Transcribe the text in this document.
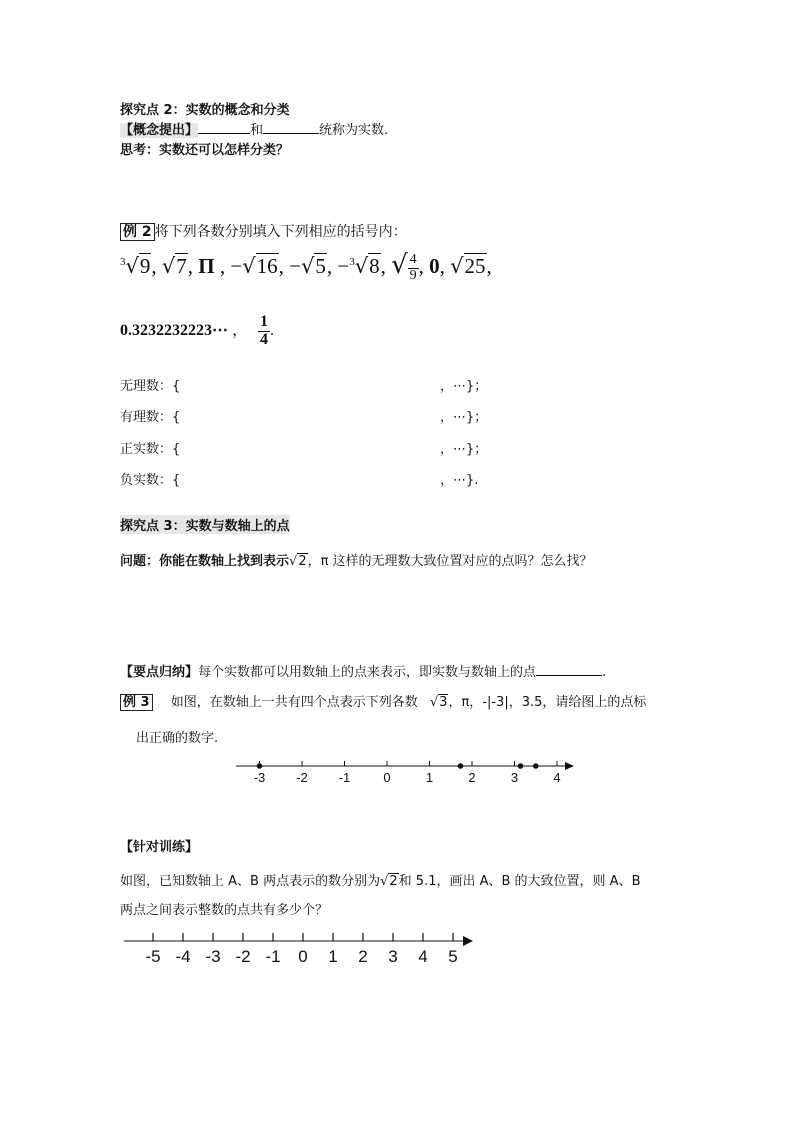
探究点 2：实数的概念和分类
【概念提出】	和	统称为实数.
思考：实数还可以怎样分类？
例 2 将下列各数分别填入下列相应的括号内：
$^3$√9, √7, Π , −√16, −√5, −$^3$√8, √ $\frac{4}{9}$ , 0, √25,
0.3232232223⋯ ， $\frac{1}{4}$ .
无理数：{	，⋯}；
有理数：{	，⋯}；
正实数：{	，⋯}；
负实数：{	，⋯}.
探究点 3：实数与数轴上的点
问题：你能在数轴上找到表示√2，π 这样的无理数大致位置对应的点吗？怎么找？
【要点归纳】每个实数都可以用数轴上的点来表示，即实数与数轴上的点	.
例 3 如图，在数轴上一共有四个点表示下列各数 √3，π，-|-3|，3.5，请给图上的点标
出正确的数字.
-3 -2 -1	0	1	2	3	4
-5 -4 -3 -2 -1 0 1 2 3 4 5
【针对训练】
如图，已知数轴上 A、B 两点表示的数分别为√2和 5.1，画出 A、B 的大致位置，则 A、B
两点之间表示整数的点共有多少个？
